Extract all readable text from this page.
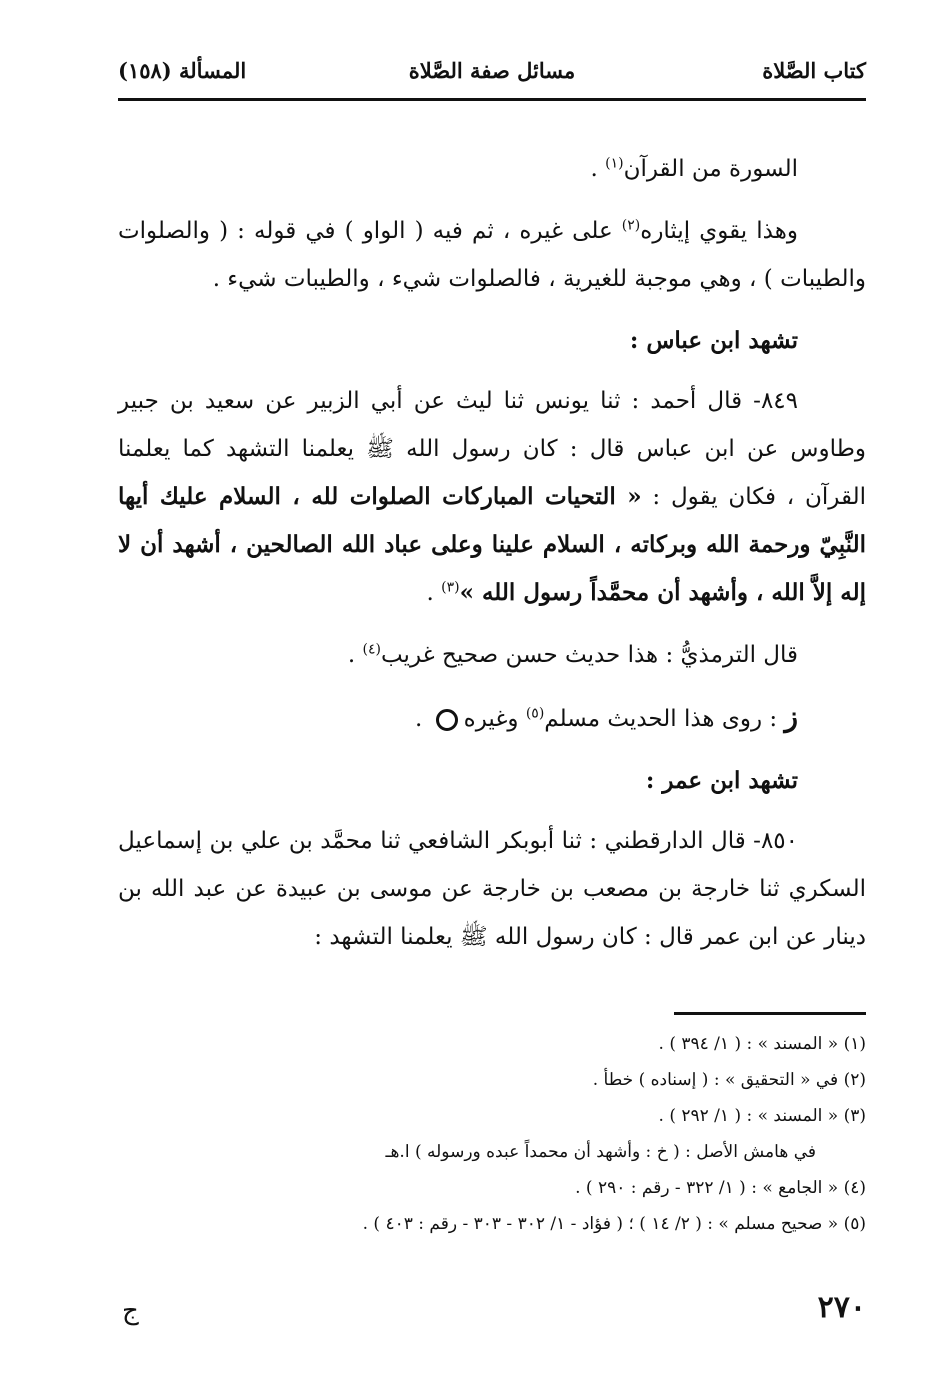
كتاب الصَّلاة
مسائل صفة الصَّلاة
المسألة (١٥٨)

السورة من القرآن$^{(١)}$ .

وهذا يقوي إيثاره$^{(٢)}$ على غيره ، ثم فيه ( الواو ) في قوله : ( والصلوات والطيبات ) ، وهي موجبة للغيرية ، فالصلوات شيء ، والطيبات شيء .

تشهد ابن عباس :

٨٤٩- قال أحمد : ثنا يونس ثنا ليث عن أبي الزبير عن سعيد بن جبير وطاوس عن ابن عباس قال : كان رسول الله ﷺ يعلمنا التشهد كما يعلمنا القرآن ، فكان يقول : « التحيات المباركات الصلوات لله ، السلام عليك أيها النَّبِيّ ورحمة الله وبركاته ، السلام علينا وعلى عباد الله الصالحين ، أشهد أن لا إله إلاَّ الله ، وأشهد أن محمَّداً رسول الله »$^{(٣)}$ .

قال الترمذيُّ : هذا حديث حسن صحيح غريب$^{(٤)}$ .

ز : روى هذا الحديث مسلم$^{(٥)}$ وغيره .

تشهد ابن عمر :

٨٥٠- قال الدارقطني : ثنا أبوبكر الشافعي ثنا محمَّد بن علي بن إسماعيل السكري ثنا خارجة بن مصعب بن خارجة عن موسى بن عبيدة عن عبد الله بن دينار عن ابن عمر قال : كان رسول الله ﷺ يعلمنا التشهد :

(١) « المسند » : ( ١/ ٣٩٤ ) .
(٢) في « التحقيق » : ( إسناده ) خطأ .
(٣) « المسند » : ( ١/ ٢٩٢ ) .
في هامش الأصل : ( خ : وأشهد أن محمداً عبده ورسوله ) ا.هـ
(٤) « الجامع » : ( ١/ ٣٢٢ - رقم : ٢٩٠ ) .
(٥) « صحيح مسلم » : ( ٢/ ١٤ ) ؛ ( فؤاد - ١/ ٣٠٢ - ٣٠٣ - رقم : ٤٠٣ ) .
٢٧٠
ج
